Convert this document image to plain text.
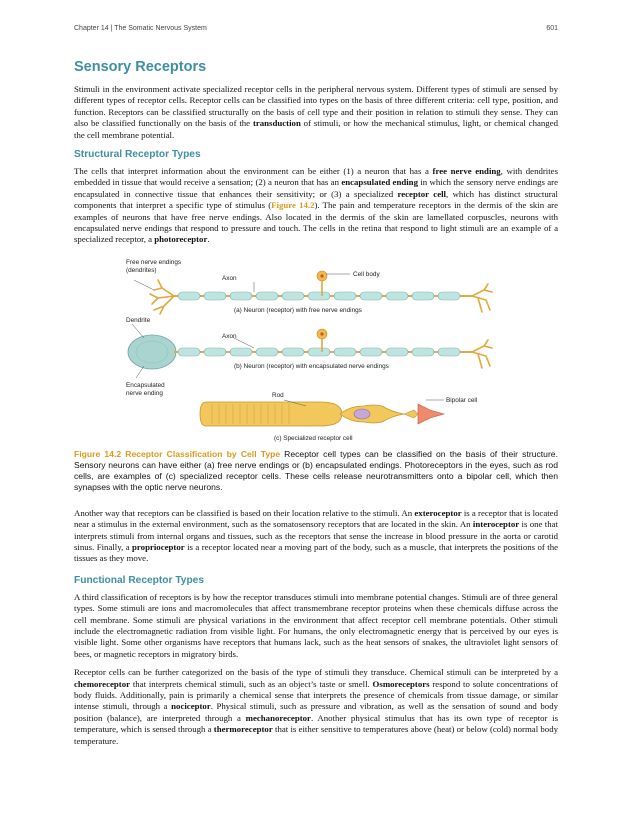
Chapter 14 | The Somatic Nervous System	601
Sensory Receptors

Stimuli in the environment activate specialized receptor cells in the peripheral nervous system. Different types of stimuli are sensed by different types of receptor cells. Receptor cells can be classified into types on the basis of three different criteria: cell type, position, and function. Receptors can be classified structurally on the basis of cell type and their position in relation to stimuli they sense. They can also be classified functionally on the basis of the transduction of stimuli, or how the mechanical stimulus, light, or chemical changed the cell membrane potential.

Structural Receptor Types

The cells that interpret information about the environment can be either (1) a neuron that has a free nerve ending, with dendrites embedded in tissue that would receive a sensation; (2) a neuron that has an encapsulated ending in which the sensory nerve endings are encapsulated in connective tissue that enhances their sensitivity; or (3) a specialized receptor cell, which has distinct structural components that interpret a specific type of stimulus (Figure 14.2). The pain and temperature receptors in the dermis of the skin are examples of neurons that have free nerve endings. Also located in the dermis of the skin are lamellated corpuscles, neurons with encapsulated nerve endings that respond to pressure and touch. The cells in the retina that respond to light stimuli are an example of a specialized receptor, a photoreceptor.

Free nerve endings
(dendrites)
Axon
Cell body
(a) Neuron (receptor) with free nerve endings
Dendrite
Axon
(b) Neuron (receptor) with encapsulated nerve endings
Encapsulated
nerve ending	Rod
Bipolar cell
(c) Specialized receptor cell
Figure 14.2 Receptor Classification by Cell Type Receptor cell types can be classified on the basis of their structure. Sensory neurons can have either (a) free nerve endings or (b) encapsulated endings. Photoreceptors in the eyes, such as rod cells, are examples of (c) specialized receptor cells. These cells release neurotransmitters onto a bipolar cell, which then synapses with the optic nerve neurons.

Another way that receptors can be classified is based on their location relative to the stimuli. An exteroceptor is a receptor that is located near a stimulus in the external environment, such as the somatosensory receptors that are located in the skin. An interoceptor is one that interprets stimuli from internal organs and tissues, such as the receptors that sense the increase in blood pressure in the aorta or carotid sinus. Finally, a proprioceptor is a receptor located near a moving part of the body, such as a muscle, that interprets the positions of the tissues as they move.

Functional Receptor Types

A third classification of receptors is by how the receptor transduces stimuli into membrane potential changes. Stimuli are of three general types. Some stimuli are ions and macromolecules that affect transmembrane receptor proteins when these chemicals diffuse across the cell membrane. Some stimuli are physical variations in the environment that affect receptor cell membrane potentials. Other stimuli include the electromagnetic radiation from visible light. For humans, the only electromagnetic energy that is perceived by our eyes is visible light. Some other organisms have receptors that humans lack, such as the heat sensors of snakes, the ultraviolet light sensors of bees, or magnetic receptors in migratory birds.

Receptor cells can be further categorized on the basis of the type of stimuli they transduce. Chemical stimuli can be interpreted by a chemoreceptor that interprets chemical stimuli, such as an object’s taste or smell. Osmoreceptors respond to solute concentrations of body fluids. Additionally, pain is primarily a chemical sense that interprets the presence of chemicals from tissue damage, or similar intense stimuli, through a nociceptor. Physical stimuli, such as pressure and vibration, as well as the sensation of sound and body position (balance), are interpreted through a mechanoreceptor. Another physical stimulus that has its own type of receptor is temperature, which is sensed through a thermoreceptor that is either sensitive to temperatures above (heat) or below (cold) normal body temperature.
